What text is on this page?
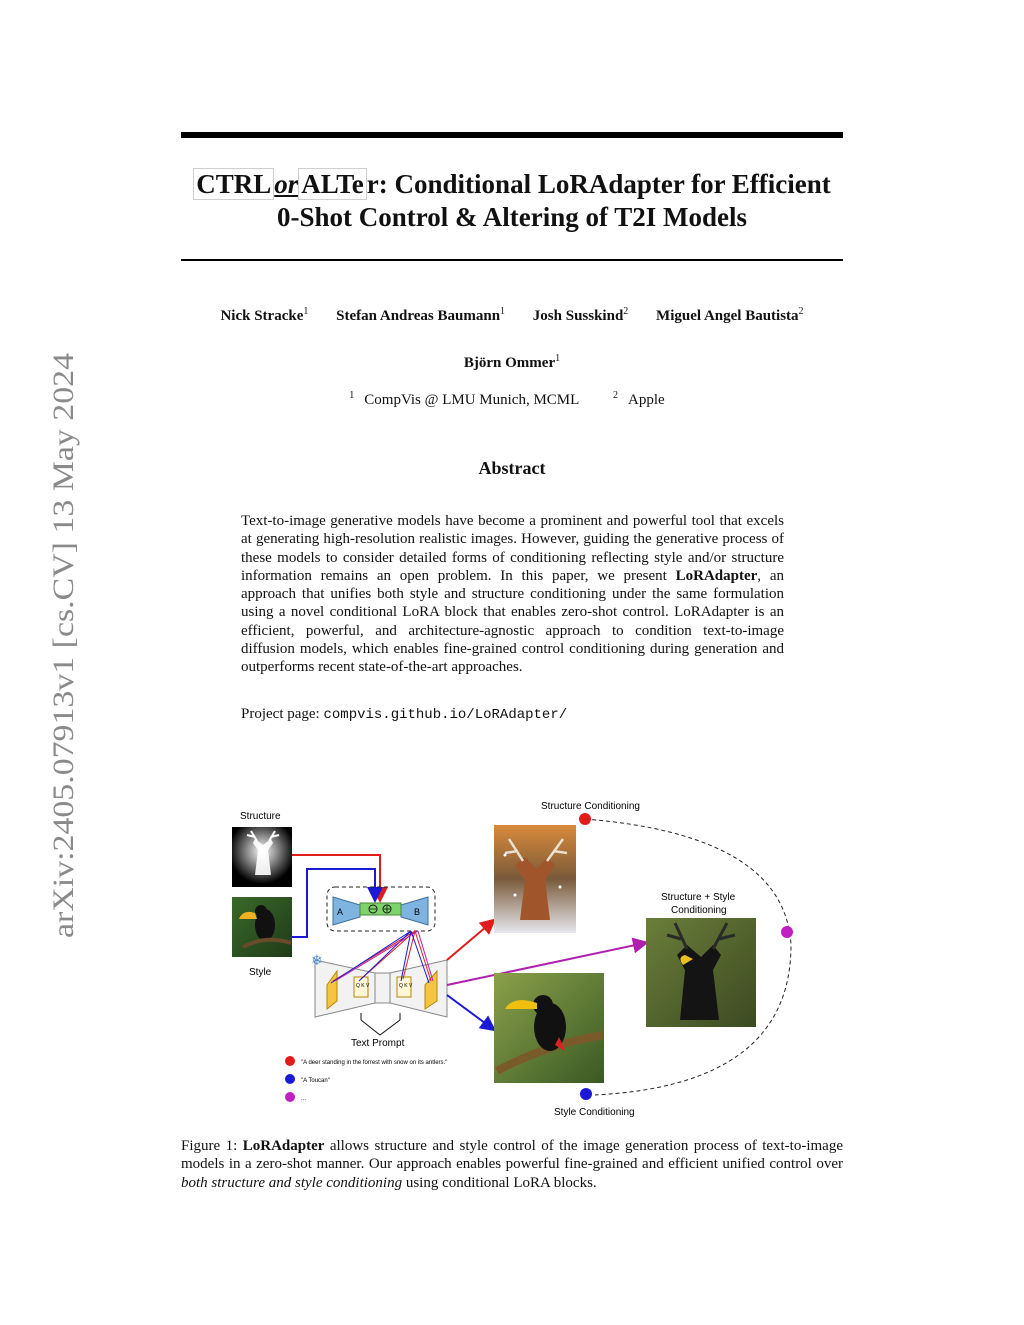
arXiv:2405.07913v1 [cs.CV] 13 May 2024
CTRL or ALTe r: Conditional LoRAdapter for Efficient
0-Shot Control & Altering of T2I Models
Nick Stracke$^1$ Stefan Andreas Baumann$^1$ Josh Susskind$^2$ Miguel Angel Bautista$^2$
Björn Ommer$^1$
$^1$ CompVis @ LMU Munich, MCML	$^2$ Apple
Abstract
Text-to-image generative models have become a prominent and powerful tool that excels at generating high-resolution realistic images. However, guiding the generative process of these models to consider detailed forms of conditioning reflecting style and/or structure information remains an open problem. In this paper, we present LoRAdapter, an approach that unifies both style and structure conditioning under the same formulation using a novel conditional LoRA block that enables zero-shot control. LoRAdapter is an efficient, powerful, and architecture-agnostic approach to condition text-to-image diffusion models, which enables fine-grained control conditioning during generation and outperforms recent state-of-the-art approaches.
Project page: compvis.github.io/LoRAdapter/
Structure
Style
A	B
Q K V	Q K V
❄
Text Prompt
"A deer standing in the forrest with snow on its antlers."
"A Toucan"
...
Structure Conditioning
Structure + Style
Conditioning
Style Conditioning
Figure 1: LoRAdapter allows structure and style control of the image generation process of text-to-image models in a zero-shot manner. Our approach enables powerful fine-grained and efficient unified control over both structure and style conditioning using conditional LoRA blocks.
